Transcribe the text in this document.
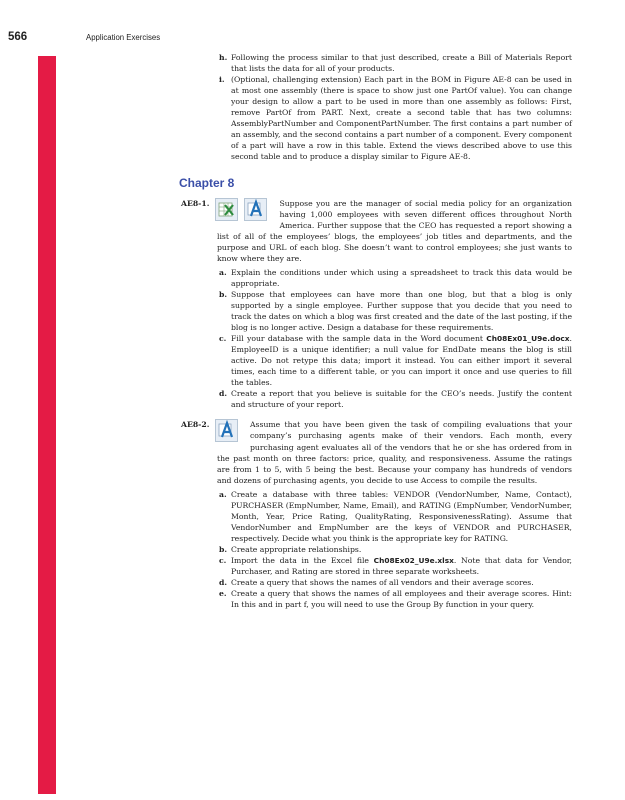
566	Application Exercises

h. Following the process similar to that just described, create a Bill of Materials Report that lists the data for all of your products.

i. (Optional, challenging extension) Each part in the BOM in Figure AE-8 can be used in at most one assembly (there is space to show just one PartOf value). You can change your design to allow a part to be used in more than one assembly as follows: First, remove PartOf from PART. Next, create a second table that has two columns: AssemblyPartNumber and ComponentPartNumber. The first contains a part number of an assembly, and the second contains a part number of a component. Every component of a part will have a row in this table. Extend the views described above to use this second table and to produce a display similar to Figure AE-8.

Chapter 8
AE8-1.
	Suppose you are the manager of social media policy for an organization having 1,000 employees with seven different offices throughout North America. Further suppose that the CEO has requested a report showing a list of all of the employees’ blogs, the employees’ job titles and departments, and the purpose and URL of each blog. She doesn’t want to control employees; she just wants to know where they are.

a. Explain the conditions under which using a spreadsheet to track this data would be appropriate.

b. Suppose that employees can have more than one blog, but that a blog is only supported by a single employee. Further suppose that you decide that you need to track the dates on which a blog was first created and the date of the last posting, if the blog is no longer active. Design a database for these requirements.

c. Fill your database with the sample data in the Word document Ch08Ex01_U9e.docx. EmployeeID is a unique identifier; a null value for EndDate means the blog is still active. Do not retype this data; import it instead. You can either import it several times, each time to a different table, or you can import it once and use queries to fill the tables.

d. Create a report that you believe is suitable for the CEO’s needs. Justify the content and structure of your report.

AE8-2.	Assume that you have been given the task of compiling evaluations that your company’s purchasing agents make of their vendors. Each month, every purchasing agent evaluates all of the vendors that he or she has ordered from in the past month on three factors: price, quality, and responsiveness. Assume the ratings are from 1 to 5, with 5 being the best. Because your company has hundreds of vendors and dozens of purchasing agents, you decide to use Access to compile the results.

a. Create a database with three tables: VENDOR (VendorNumber, Name, Contact), PURCHASER (EmpNumber, Name, Email), and RATING (EmpNumber, VendorNumber, Month, Year, Price Rating, QualityRating, ResponsivenessRating). Assume that VendorNumber and EmpNumber are the keys of VENDOR and PURCHASER, respectively. Decide what you think is the appropriate key for RATING.

b. Create appropriate relationships.

c. Import the data in the Excel file Ch08Ex02_U9e.xlsx. Note that data for Vendor, Purchaser, and Rating are stored in three separate worksheets.

d. Create a query that shows the names of all vendors and their average scores.

e. Create a query that shows the names of all employees and their average scores. Hint: In this and in part f, you will need to use the Group By function in your query.
